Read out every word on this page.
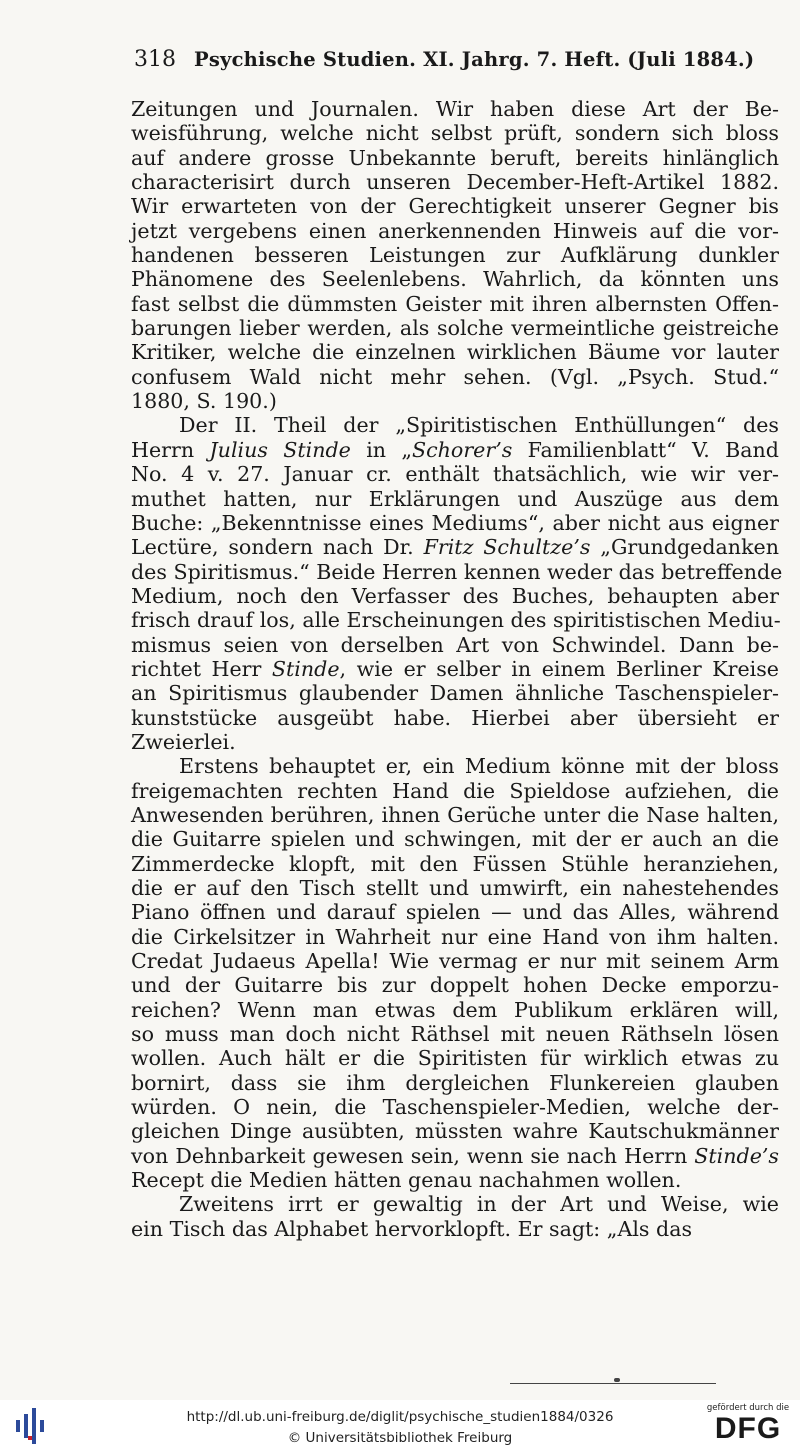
318 Psychische Studien. XI. Jahrg. 7. Heft. (Juli 1884.)

Zeitungen und Journalen. Wir haben diese Art der Be-
weisführung, welche nicht selbst prüft, sondern sich bloss
auf andere grosse Unbekannte beruft, bereits hinlänglich
characterisirt durch unseren December-Heft-Artikel 1882.
Wir erwarteten von der Gerechtigkeit unserer Gegner bis
jetzt vergebens einen anerkennenden Hinweis auf die vor-
handenen besseren Leistungen zur Aufklärung dunkler
Phänomene des Seelenlebens. Wahrlich, da könnten uns
fast selbst die dümmsten Geister mit ihren albernsten Offen-
barungen lieber werden, als solche vermeintliche geistreiche
Kritiker, welche die einzelnen wirklichen Bäume vor lauter
confusem Wald nicht mehr sehen. (Vgl. „Psych. Stud.“
1880, S. 190.)

Der II. Theil der „Spiritistischen Enthüllungen“ des
Herrn Julius Stinde in „Schorer’s Familienblatt“ V. Band
No. 4 v. 27. Januar cr. enthält thatsächlich, wie wir ver-
muthet hatten, nur Erklärungen und Auszüge aus dem
Buche: „Bekenntnisse eines Mediums“, aber nicht aus eigner
Lectüre, sondern nach Dr. Fritz Schultze’s „Grundgedanken
des Spiritismus.“ Beide Herren kennen weder das betreffende
Medium, noch den Verfasser des Buches, behaupten aber
frisch drauf los, alle Erscheinungen des spiritistischen Mediu-
mismus seien von derselben Art von Schwindel. Dann be-
richtet Herr Stinde, wie er selber in einem Berliner Kreise
an Spiritismus glaubender Damen ähnliche Taschenspieler-
kunststücke ausgeübt habe. Hierbei aber übersieht er
Zweierlei.

Erstens behauptet er, ein Medium könne mit der bloss
freigemachten rechten Hand die Spieldose aufziehen, die
Anwesenden berühren, ihnen Gerüche unter die Nase halten,
die Guitarre spielen und schwingen, mit der er auch an die
Zimmerdecke klopft, mit den Füssen Stühle heranziehen,
die er auf den Tisch stellt und umwirft, ein nahestehendes
Piano öffnen und darauf spielen — und das Alles, während
die Cirkelsitzer in Wahrheit nur eine Hand von ihm halten.
Credat Judaeus Apella! Wie vermag er nur mit seinem Arm
und der Guitarre bis zur doppelt hohen Decke emporzu-
reichen? Wenn man etwas dem Publikum erklären will,
so muss man doch nicht Räthsel mit neuen Räthseln lösen
wollen. Auch hält er die Spiritisten für wirklich etwas zu
bornirt, dass sie ihm dergleichen Flunkereien glauben
würden. O nein, die Taschenspieler-Medien, welche der-
gleichen Dinge ausübten, müssten wahre Kautschukmänner
von Dehnbarkeit gewesen sein, wenn sie nach Herrn Stinde’s
Recept die Medien hätten genau nachahmen wollen.

Zweitens irrt er gewaltig in der Art und Weise, wie
ein Tisch das Alphabet hervorklopft. Er sagt: „Als das

http://dl.ub.uni-freiburg.de/diglit/psychische_studien1884/0326
© Universitätsbibliothek Freiburg
gefördert durch die
DFG
